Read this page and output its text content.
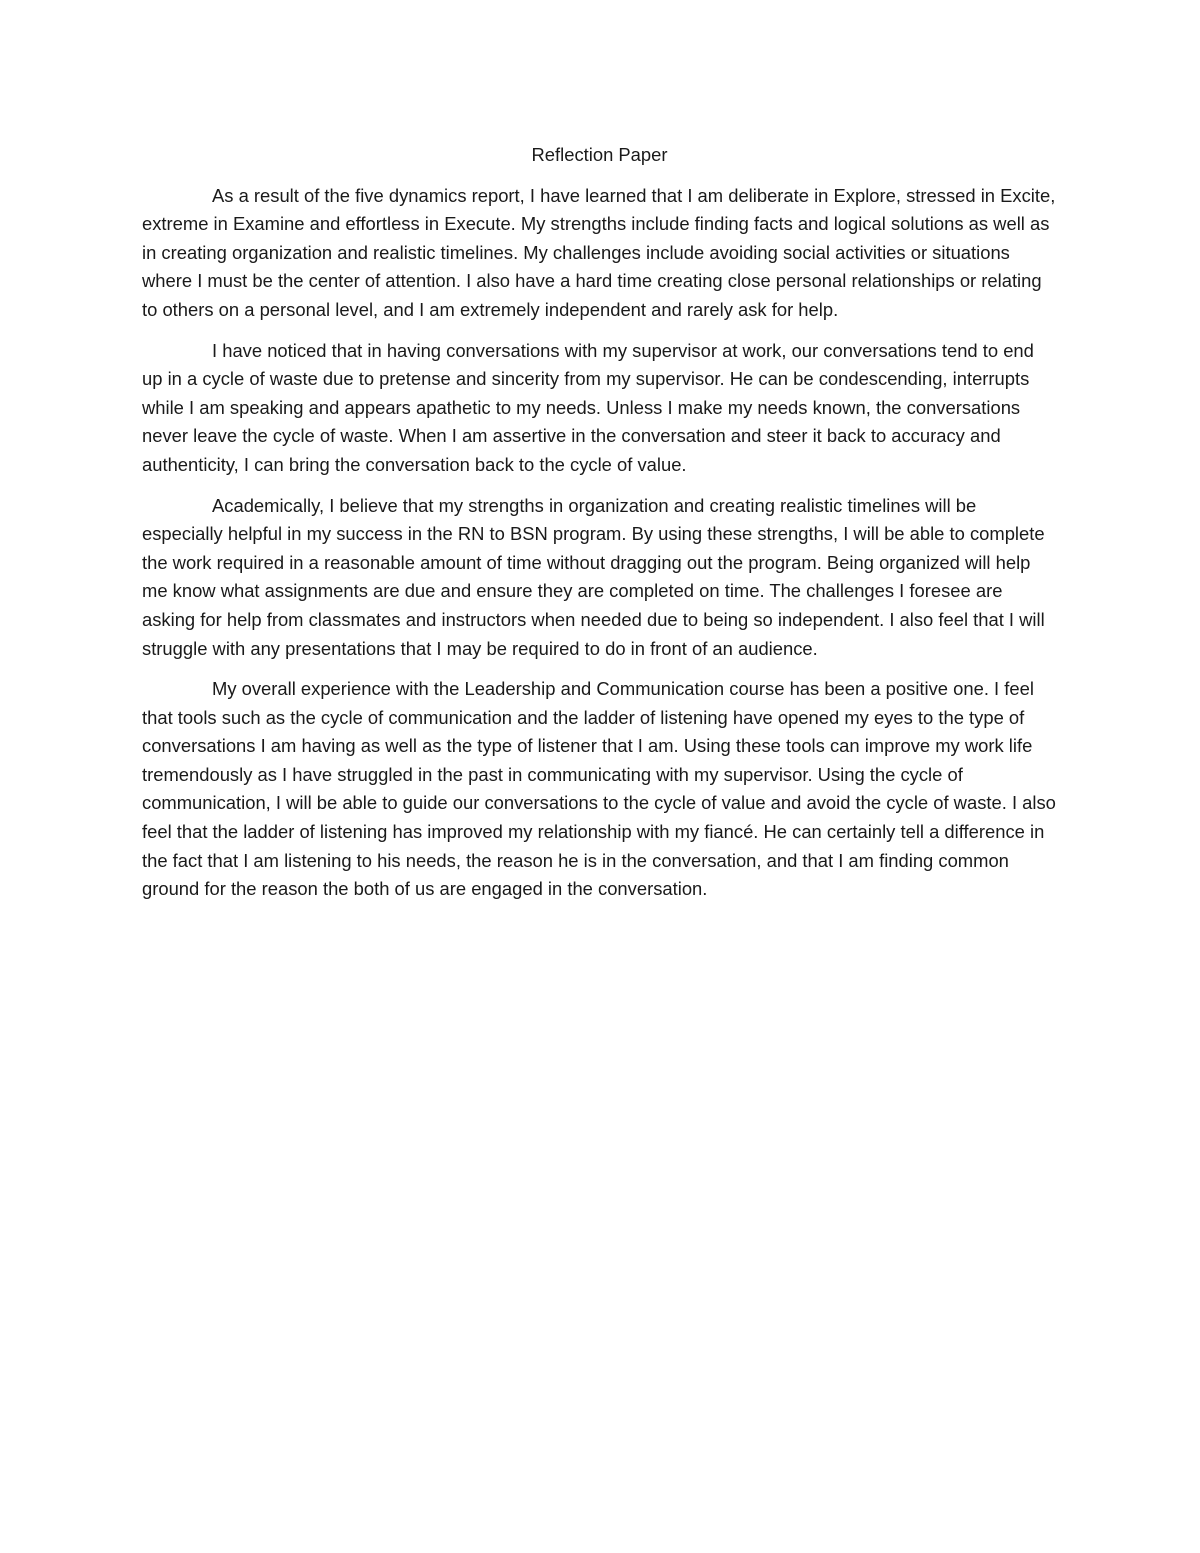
Reflection Paper

As a result of the five dynamics report, I have learned that I am deliberate in Explore, stressed in Excite, extreme in Examine and effortless in Execute. My strengths include finding facts and logical solutions as well as in creating organization and realistic timelines. My challenges include avoiding social activities or situations where I must be the center of attention. I also have a hard time creating close personal relationships or relating to others on a personal level, and I am extremely independent and rarely ask for help.

I have noticed that in having conversations with my supervisor at work, our conversations tend to end up in a cycle of waste due to pretense and sincerity from my supervisor. He can be condescending, interrupts while I am speaking and appears apathetic to my needs. Unless I make my needs known, the conversations never leave the cycle of waste. When I am assertive in the conversation and steer it back to accuracy and authenticity, I can bring the conversation back to the cycle of value.

Academically, I believe that my strengths in organization and creating realistic timelines will be especially helpful in my success in the RN to BSN program. By using these strengths, I will be able to complete the work required in a reasonable amount of time without dragging out the program. Being organized will help me know what assignments are due and ensure they are completed on time. The challenges I foresee are asking for help from classmates and instructors when needed due to being so independent. I also feel that I will struggle with any presentations that I may be required to do in front of an audience.

My overall experience with the Leadership and Communication course has been a positive one. I feel that tools such as the cycle of communication and the ladder of listening have opened my eyes to the type of conversations I am having as well as the type of listener that I am. Using these tools can improve my work life tremendously as I have struggled in the past in communicating with my supervisor. Using the cycle of communication, I will be able to guide our conversations to the cycle of value and avoid the cycle of waste. I also feel that the ladder of listening has improved my relationship with my fiancé. He can certainly tell a difference in the fact that I am listening to his needs, the reason he is in the conversation, and that I am finding common ground for the reason the both of us are engaged in the conversation.
